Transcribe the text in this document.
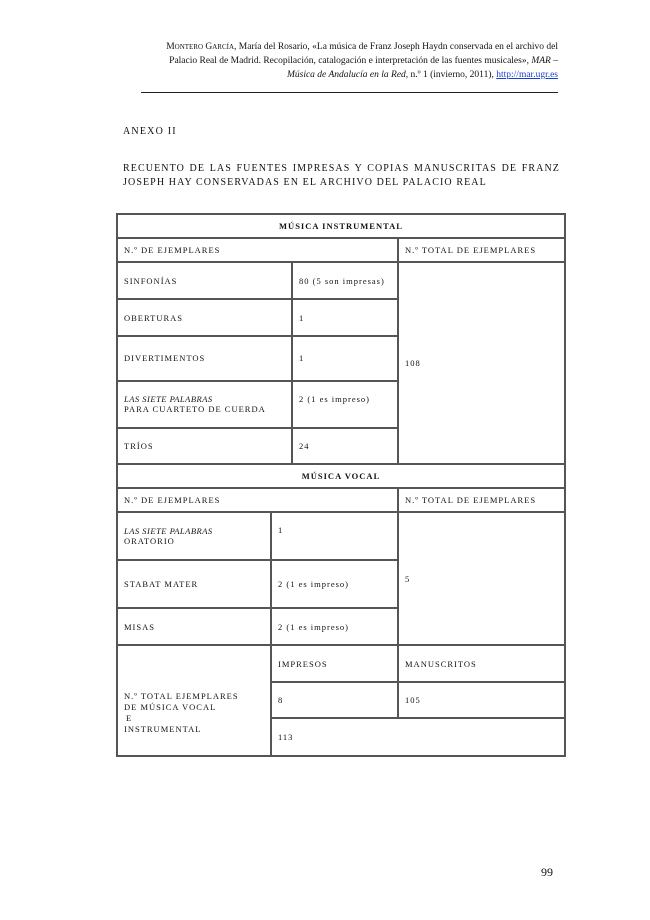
Montero García, María del Rosario, «La música de Franz Joseph Haydn conservada en el archivo del Palacio Real de Madrid. Recopilación, catalogación e interpretación de las fuentes musicales», MAR – Música de Andalucía en la Red, n.º 1 (invierno, 2011), http://mar.ugr.es
ANEXO II
RECUENTO DE LAS FUENTES IMPRESAS Y COPIAS MANUSCRITAS DE FRANZ JOSEPH HAY CONSERVADAS EN EL ARCHIVO DEL PALACIO REAL
MÚSICA INSTRUMENTAL			
N.º DE EJEMPLARES			N.º TOTAL DE EJEMPLARES
SINFONÍAS		80 (5 son impresas)	108
OBERTURAS		1	
DIVERTIMENTOS		1	
LAS SIETE PALABRAS
PARA CUARTETO DE CUERDA		2 (1 es impreso)	
TRÍOS		24	
MÚSICA VOCAL			
N.º DE EJEMPLARES			N.º TOTAL DE EJEMPLARES
LAS SIETE PALABRAS
ORATORIO	1		5
STABAT MATER	2 (1 es impreso)		
MISAS	2 (1 es impreso)		
N.º TOTAL EJEMPLARES
DE MÚSICA VOCAL
E
INSTRUMENTAL	IMPRESOS		MANUSCRITOS
	8		105
	113		
99
